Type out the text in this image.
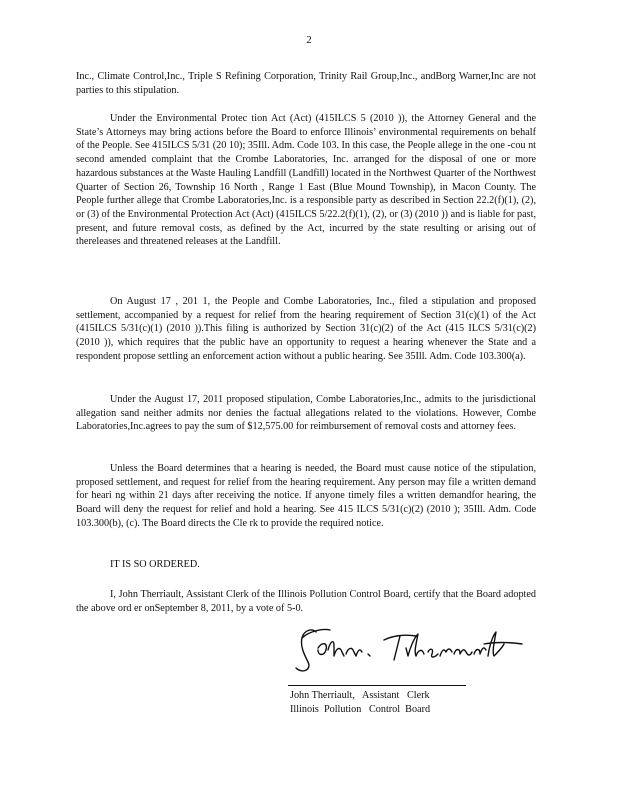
2

Inc., Climate Control,Inc., Triple S Refining Corporation, Trinity Rail Group,Inc., andBorg Warner,Inc are not parties to this stipulation.

Under the Environmental Protec tion Act (Act) (415ILCS 5 (2010 )), the Attorney General and the State’s Attorneys may bring actions before the Board to enforce Illinois’ environmental requirements on behalf of the People. See 415ILCS 5/31 (20 10); 35Ill. Adm. Code 103. In this case, the People allege in the one -cou nt second amended complaint that the Crombe Laboratories, Inc. arranged for the disposal of one or more hazardous substances at the Waste Hauling Landfill (Landfill) located in the Northwest Quarter of the Northwest Quarter of Section 26, Township 16 North , Range 1 East (Blue Mound Township), in Macon County. The People further allege that Crombe Laboratories,Inc. is a responsible party as described in Section 22.2(f)(1), (2), or (3) of the Environmental Protection Act (Act) (415ILCS 5/22.2(f)(1), (2), or (3) (2010 )) and is liable for past, present, and future removal costs, as defined by the Act, incurred by the state resulting or arising out of thereleases and threatened releases at the Landfill.

On August 17 , 201 1, the People and Combe Laboratories, Inc., filed a stipulation and proposed settlement, accompanied by a request for relief from the hearing requirement of Section 31(c)(1) of the Act (415ILCS 5/31(c)(1) (2010 )).This filing is authorized by Section 31(c)(2) of the Act (415 ILCS 5/31(c)(2) (2010 )), which requires that the public have an opportunity to request a hearing whenever the State and a respondent propose settling an enforcement action without a public hearing. See 35Ill. Adm. Code 103.300(a).

Under the August 17, 2011 proposed stipulation, Combe Laboratories,Inc., admits to the jurisdictional allegation sand neither admits nor denies the factual allegations related to the violations. However, Combe Laboratories,Inc.agrees to pay the sum of $12,575.00 for reimbursement of removal costs and attorney fees.

Unless the Board determines that a hearing is needed, the Board must cause notice of the stipulation, proposed settlement, and request for relief from the hearing requirement. Any person may file a written demand for heari ng within 21 days after receiving the notice. If anyone timely files a written demandfor hearing, the Board will deny the request for relief and hold a hearing. See 415 ILCS 5/31(c)(2) (2010 ); 35Ill. Adm. Code 103.300(b), (c). The Board directs the Cle rk to provide the required notice.

IT IS SO ORDERED.

I, John Therriault, Assistant Clerk of the Illinois Pollution Control Board, certify that the Board adopted the above ord er onSeptember 8, 2011, by a vote of 5-0.

John Therriault,   Assistant   Clerk
Illinois  Pollution   Control  Board
